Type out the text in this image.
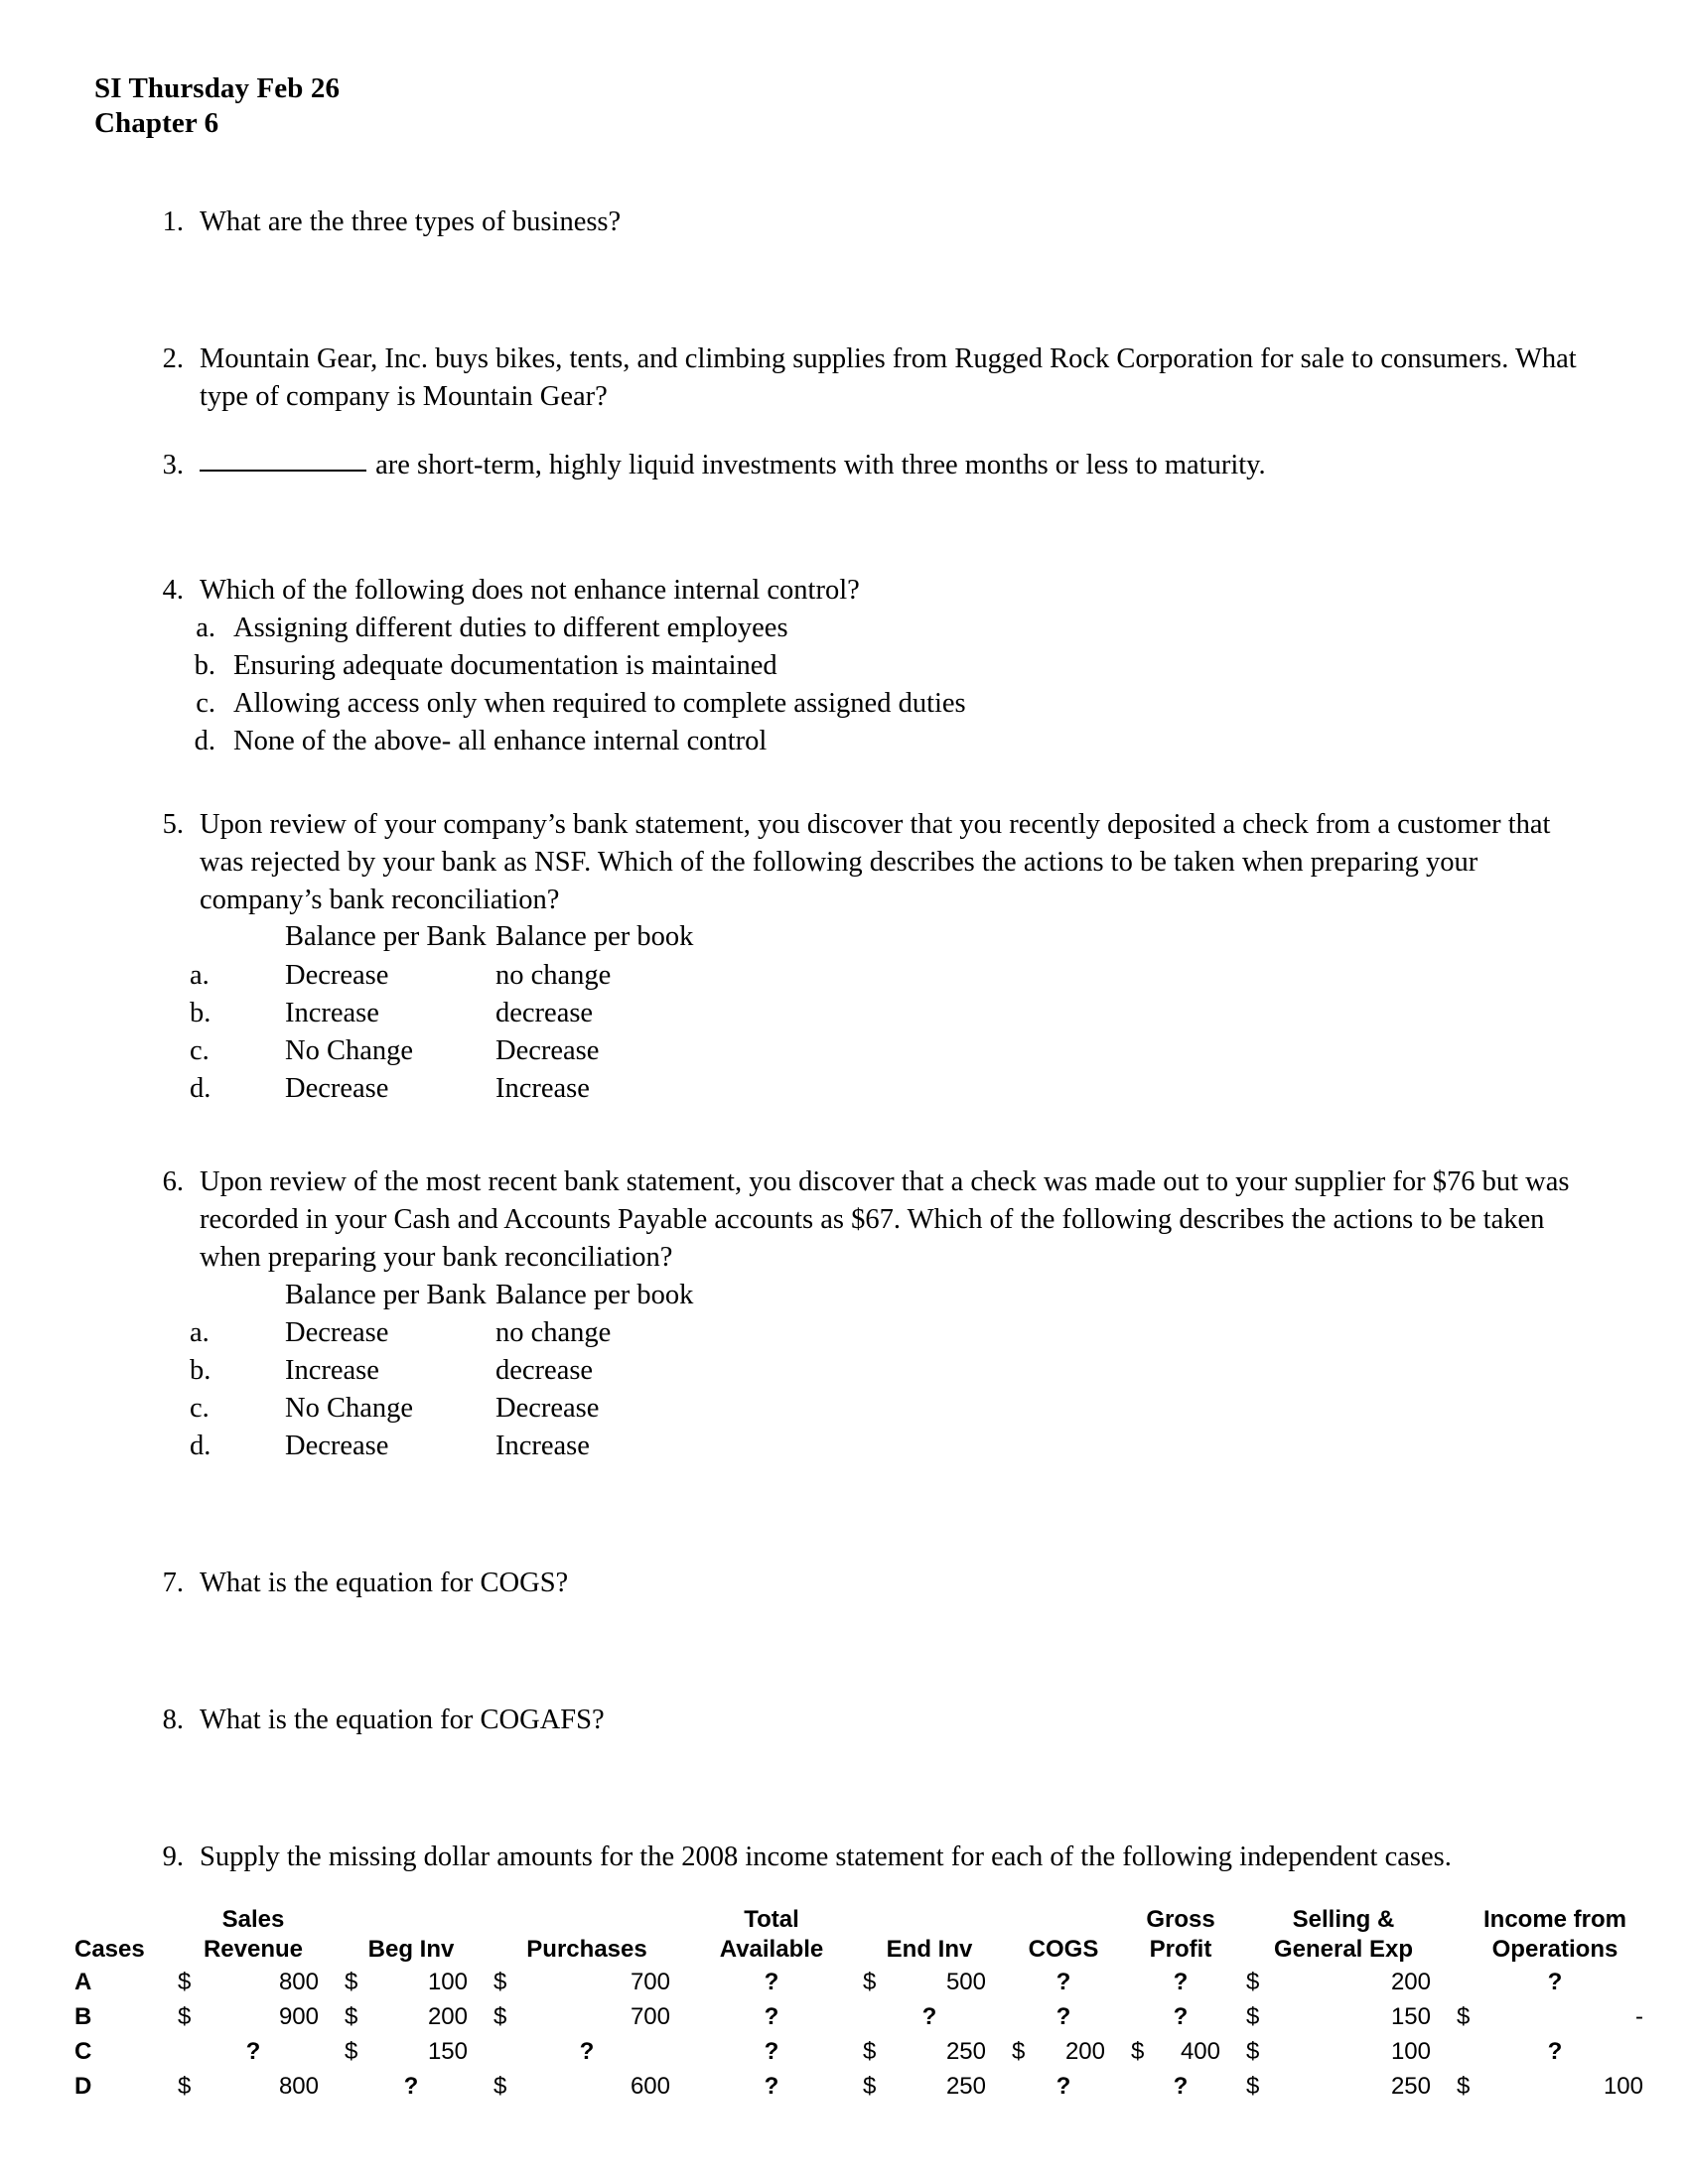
SI Thursday Feb 26
Chapter 6
1. What are the three types of business?
2. Mountain Gear, Inc. buys bikes, tents, and climbing supplies from Rugged Rock Corporation for sale to consumers. What type of company is Mountain Gear?
3.	are short-term, highly liquid investments with three months or less to maturity.
4. Which of the following does not enhance internal control?
a. Assigning different duties to different employees
b. Ensuring adequate documentation is maintained
c. Allowing access only when required to complete assigned duties
d. None of the above- all enhance internal control
5. Upon review of your company’s bank statement, you discover that you recently deposited a check from a customer that was rejected by your bank as NSF. Which of the following describes the actions to be taken when preparing your company’s bank reconciliation?
	Balance per Bank	Balance per book
a.	Decrease	no change
b.	Increase	decrease
c.	No Change	Decrease
d.	Decrease	Increase
6. Upon review of the most recent bank statement, you discover that a check was made out to your supplier for $76 but was recorded in your Cash and Accounts Payable accounts as $67. Which of the following describes the actions to be taken when preparing your bank reconciliation?
	Balance per Bank	Balance per book
a.	Decrease	no change
b.	Increase	decrease
c.	No Change	Decrease
d.	Decrease	Increase
7. What is the equation for COGS?
8. What is the equation for COGAFS?
9. Supply the missing dollar amounts for the 2008 income statement for each of the following independent cases.
	Sales			Total			Gross	Selling &	Income from
Cases	Revenue	Beg Inv	Purchases	Available	End Inv	COGS	Profit	General Exp	Operations
A	$ 800	$ 100	$ 700	?	$ 500	?	?	$ 200	?
B	$ 900	$ 200	$ 700	?	?	?	?	$ 150	$ -

C	?	$ 150	?	?	$ 250	$ 200	$ 400	$ 100	?
D	$ 800	?	$ 600	?	$ 250	?	?	$ 250	$ 100
